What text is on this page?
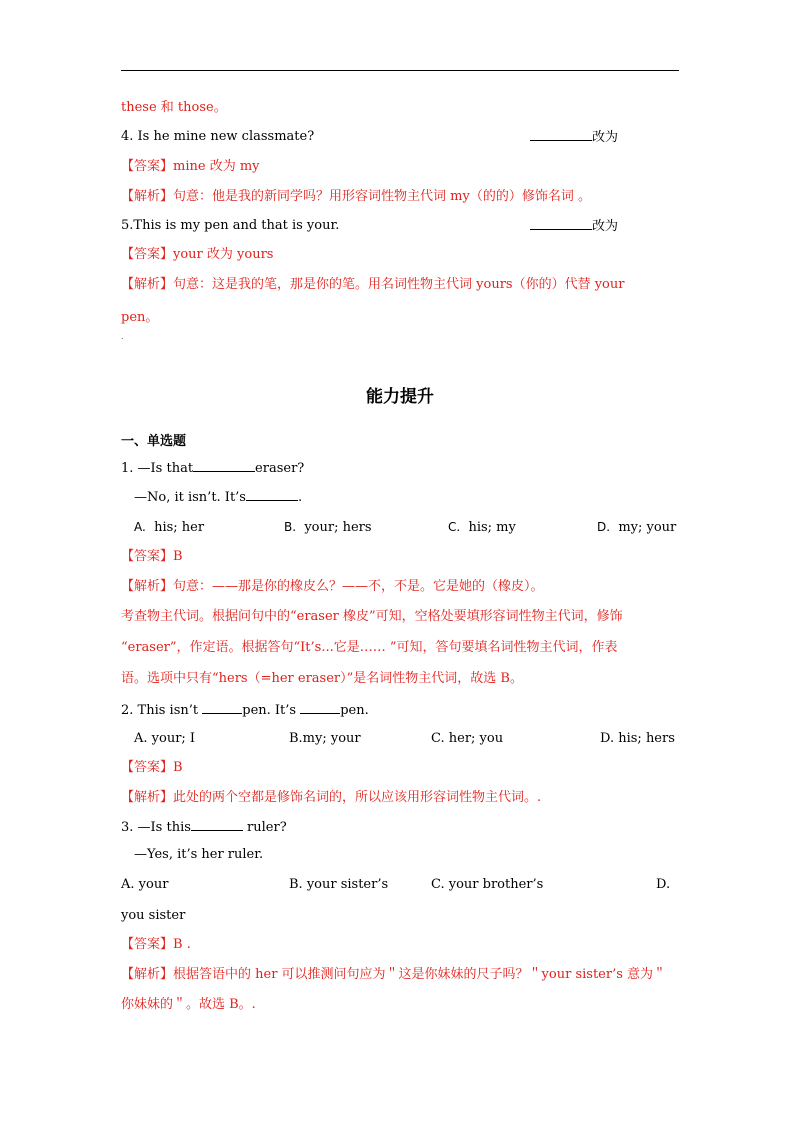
these 和 those。
4. Is he mine new classmate?	改为
【答案】mine 改为 my
【解析】句意：他是我的新同学吗？用形容词性物主代词 my（的的）修饰名词 。
5.This is my pen and that is your.	改为
【答案】your 改为 yours
【解析】句意：这是我的笔，那是你的笔。用名词性物主代词 yours（你的）代替 your
pen。
.
能力提升
一、单选题
1. —Is that	eraser?
—No, it isn’t. It’s	.
A. his; her	B. your; hers	C. his; my	D. my; your
【答案】B
【解析】句意：——那是你的橡皮么？——不，不是。它是她的（橡皮）。
考查物主代词。根据问句中的“eraser 橡皮”可知，空格处要填形容词性物主代词，修饰
“eraser”，作定语。根据答句“It’s...它是…… ”可知，答句要填名词性物主代词，作表
语。选项中只有“hers（=her eraser）”是名词性物主代词，故选 B。
2. This isn’t	pen. It’s	pen.
A. your; I	B.my; your	C. her; you	D. his; hers
【答案】B
【解析】此处的两个空都是修饰名词的，所以应该用形容词性物主代词。.
3. —Is this	ruler?
—Yes, it’s her ruler.
A. your	B. your sister’s	C. your brother’s	D.
you sister
【答案】B .
【解析】根据答语中的 her 可以推测问句应为＂这是你妹妹的尺子吗？＂your sister’s 意为＂
你妹妹的＂。故选 B。.
